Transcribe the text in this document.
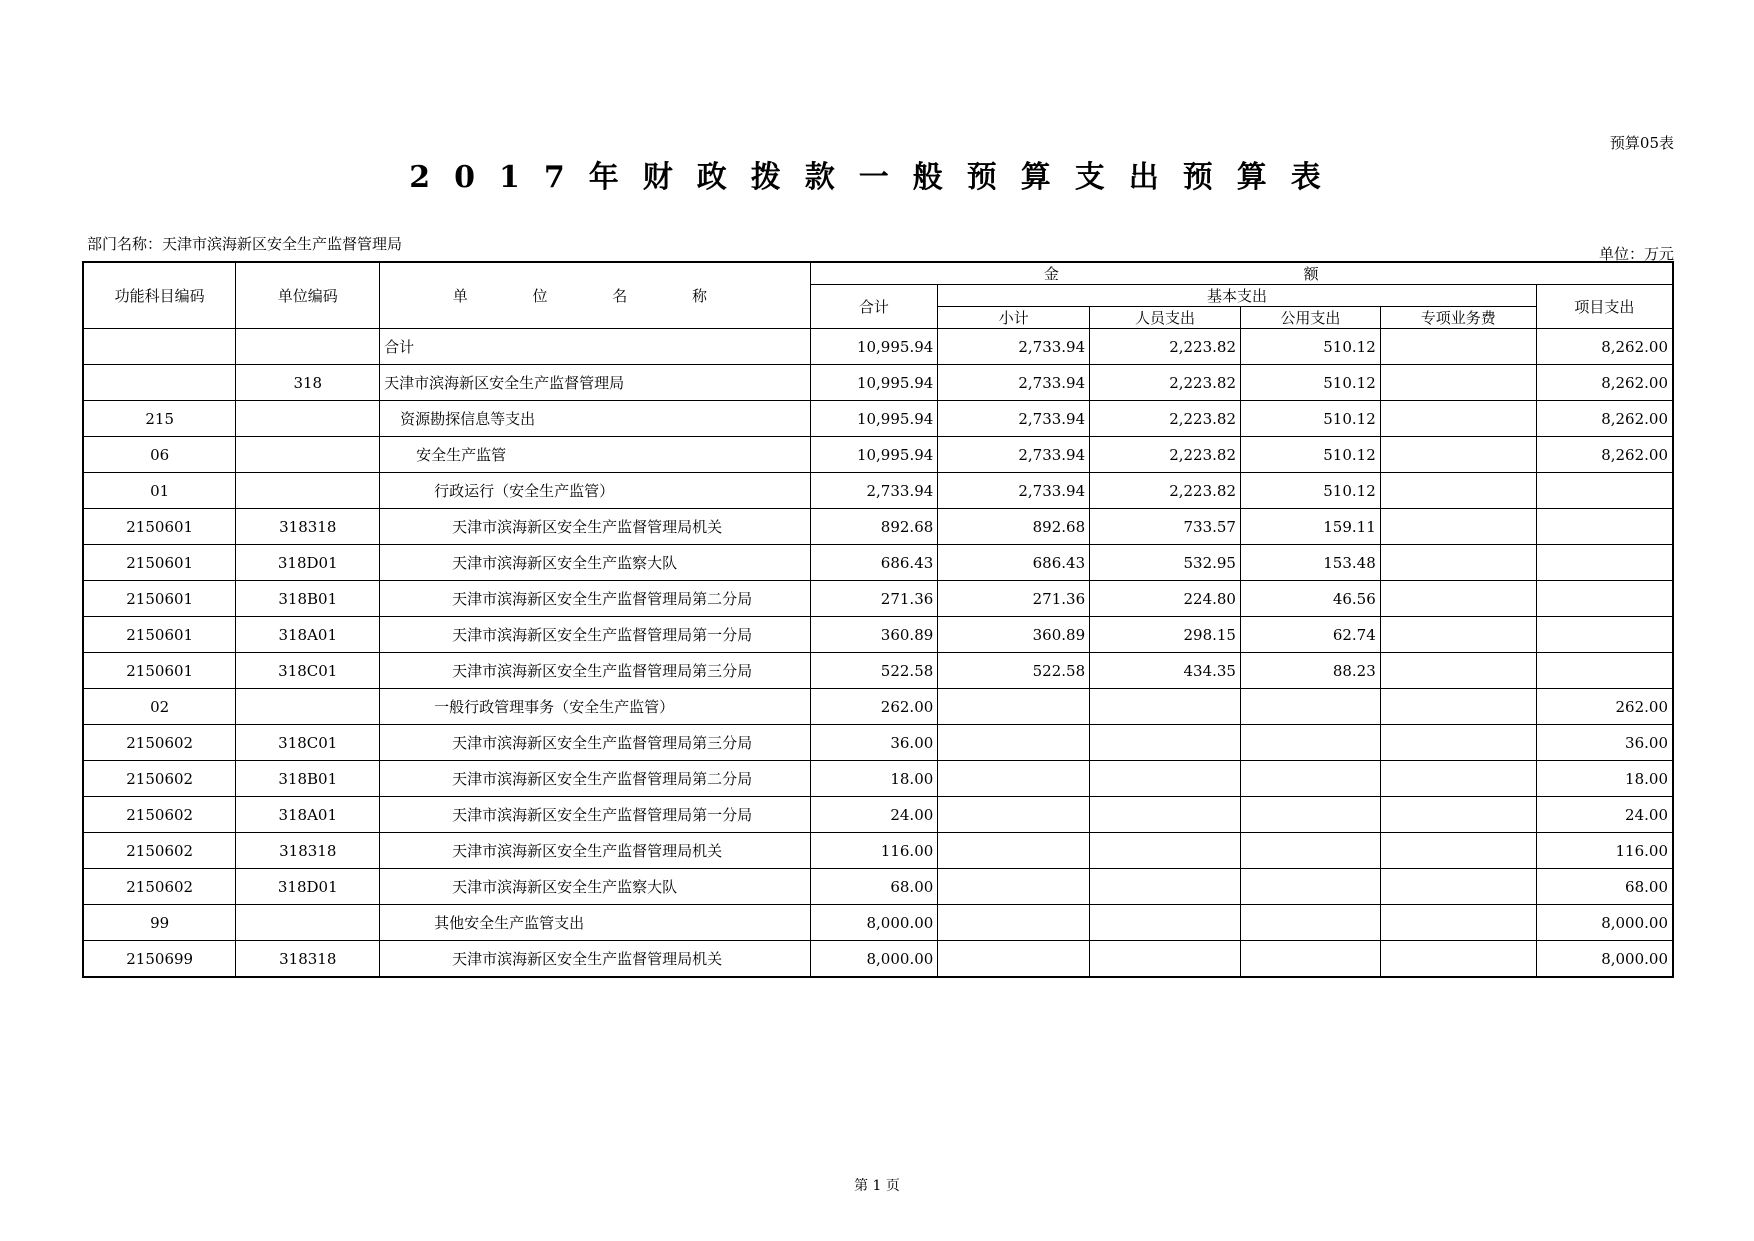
预算05表
2017年财政拨款一般预算支出预算表
部门名称：天津市滨海新区安全生产监督管理局
单位：万元
功能科目编码	单位编码	单 位 名 称	金 额					
			合计	基本支出				项目支出
				小计	人员支出	公用支出	专项业务费	
		合计	10,995.94	2,733.94	2,223.82	510.12		8,262.00
	318	天津市滨海新区安全生产监督管理局	10,995.94	2,733.94	2,223.82	510.12		8,262.00
215		资源勘探信息等支出	10,995.94	2,733.94	2,223.82	510.12		8,262.00
06		安全生产监管	10,995.94	2,733.94	2,223.82	510.12		8,262.00
01		行政运行（安全生产监管）	2,733.94	2,733.94	2,223.82	510.12		
2150601	318318	天津市滨海新区安全生产监督管理局机关	892.68	892.68	733.57	159.11		
2150601	318D01	天津市滨海新区安全生产监察大队	686.43	686.43	532.95	153.48		
2150601	318B01	天津市滨海新区安全生产监督管理局第二分局	271.36	271.36	224.80	46.56		
2150601	318A01	天津市滨海新区安全生产监督管理局第一分局	360.89	360.89	298.15	62.74		
2150601	318C01	天津市滨海新区安全生产监督管理局第三分局	522.58	522.58	434.35	88.23		
02		一般行政管理事务（安全生产监管）	262.00					262.00
2150602	318C01	天津市滨海新区安全生产监督管理局第三分局	36.00					36.00
2150602	318B01	天津市滨海新区安全生产监督管理局第二分局	18.00					18.00
2150602	318A01	天津市滨海新区安全生产监督管理局第一分局	24.00					24.00
2150602	318318	天津市滨海新区安全生产监督管理局机关	116.00					116.00
2150602	318D01	天津市滨海新区安全生产监察大队	68.00					68.00
99		其他安全生产监管支出	8,000.00					8,000.00
2150699	318318	天津市滨海新区安全生产监督管理局机关	8,000.00					8,000.00
第 1 页
